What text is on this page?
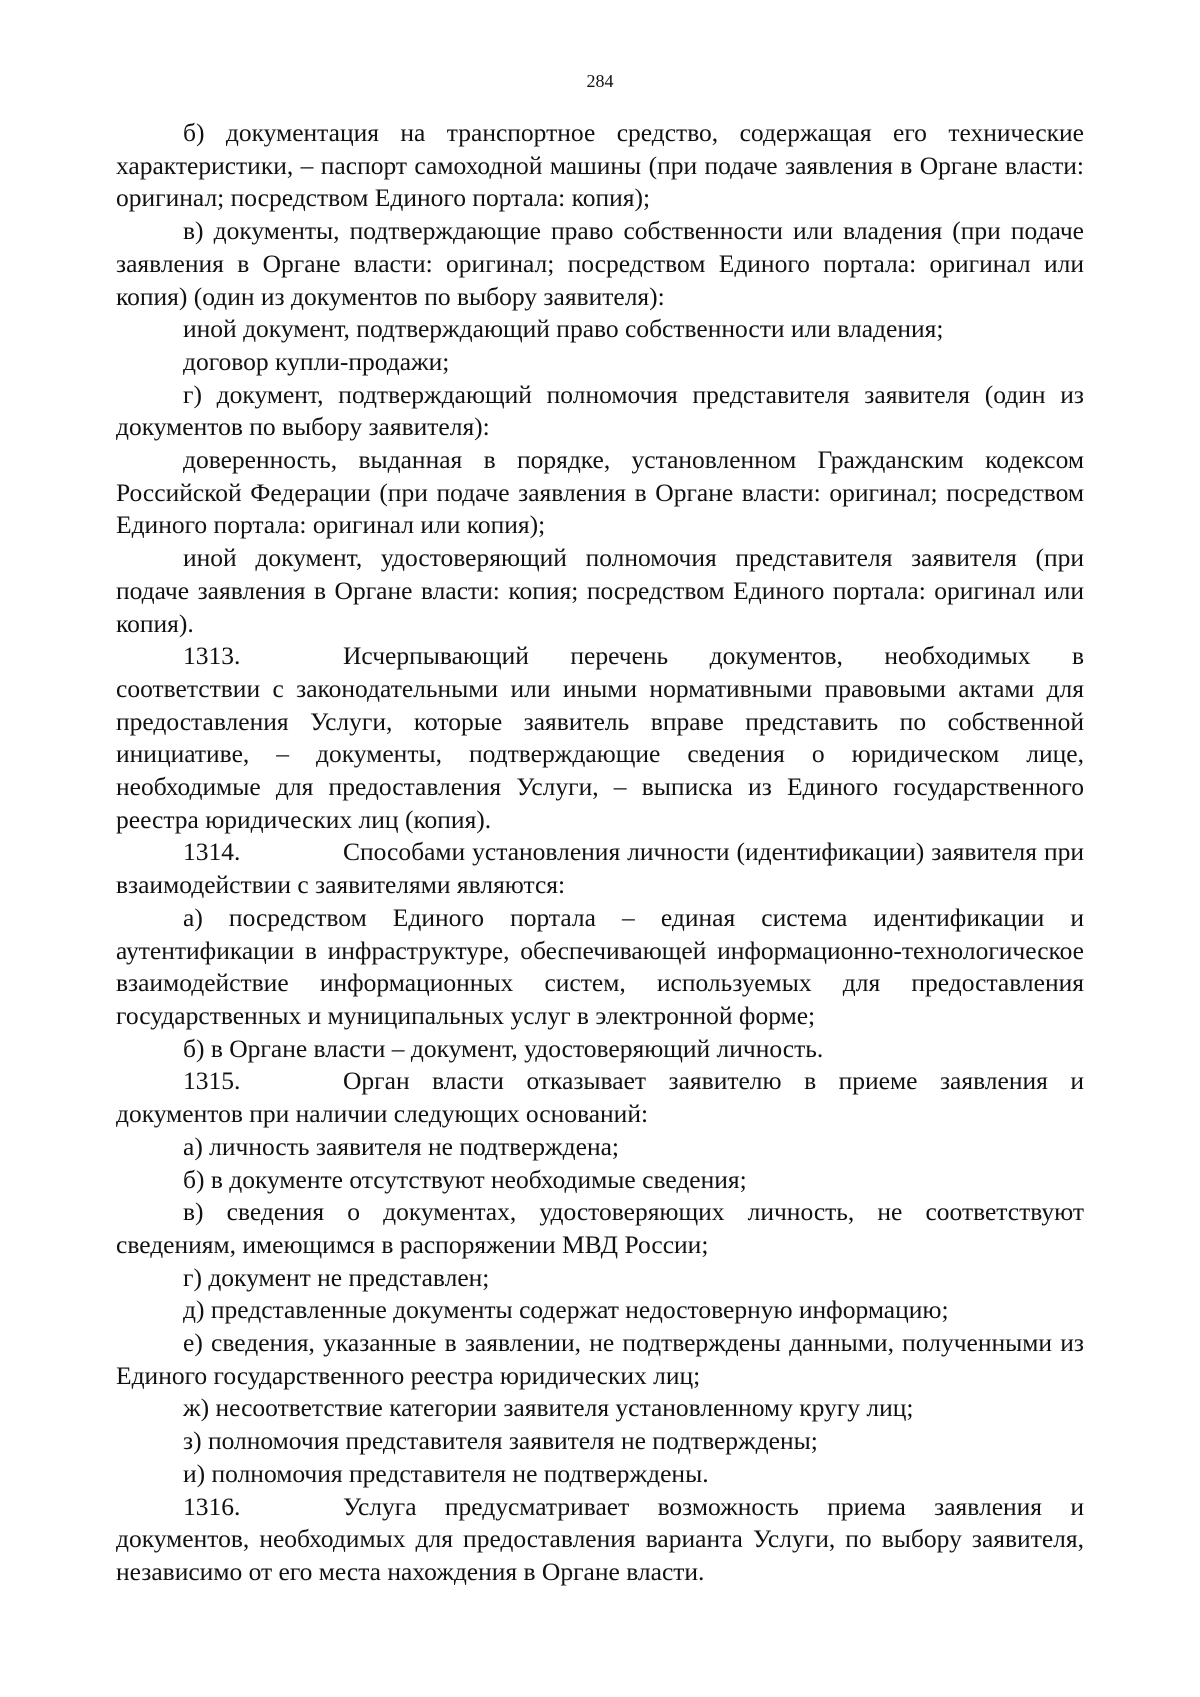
284

б) документация на транспортное средство, содержащая его технические характеристики, – паспорт самоходной машины (при подаче заявления в Органе власти: оригинал; посредством Единого портала: копия);

в) документы, подтверждающие право собственности или владения (при подаче заявления в Органе власти: оригинал; посредством Единого портала: оригинал или копия) (один из документов по выбору заявителя):

иной документ, подтверждающий право собственности или владения;

договор купли-продажи;

г) документ, подтверждающий полномочия представителя заявителя (один из документов по выбору заявителя):

доверенность, выданная в порядке, установленном Гражданским кодексом Российской Федерации (при подаче заявления в Органе власти: оригинал; посредством Единого портала: оригинал или копия);

иной документ, удостоверяющий полномочия представителя заявителя (при подаче заявления в Органе власти: копия; посредством Единого портала: оригинал или копия).

1313.	Исчерпывающий перечень документов, необходимых в соответствии с законодательными или иными нормативными правовыми актами для предоставления Услуги, которые заявитель вправе представить по собственной инициативе, – документы, подтверждающие сведения о юридическом лице, необходимые для предоставления Услуги, – выписка из Единого государственного реестра юридических лиц (копия).

1314.	Способами установления личности (идентификации) заявителя при взаимодействии с заявителями являются:

а) посредством Единого портала – единая система идентификации и аутентификации в инфраструктуре, обеспечивающей информационно-технологическое взаимодействие информационных систем, используемых для предоставления государственных и муниципальных услуг в электронной форме;

б) в Органе власти – документ, удостоверяющий личность.

1315.	Орган власти отказывает заявителю в приеме заявления и документов при наличии следующих оснований:

а) личность заявителя не подтверждена;

б) в документе отсутствуют необходимые сведения;

в) сведения о документах, удостоверяющих личность, не соответствуют сведениям, имеющимся в распоряжении МВД России;

г) документ не представлен;

д) представленные документы содержат недостоверную информацию;

е) сведения, указанные в заявлении, не подтверждены данными, полученными из Единого государственного реестра юридических лиц;

ж) несоответствие категории заявителя установленному кругу лиц;

з) полномочия представителя заявителя не подтверждены;

и) полномочия представителя не подтверждены.

1316.	Услуга предусматривает возможность приема заявления и документов, необходимых для предоставления варианта Услуги, по выбору заявителя, независимо от его места нахождения в Органе власти.
